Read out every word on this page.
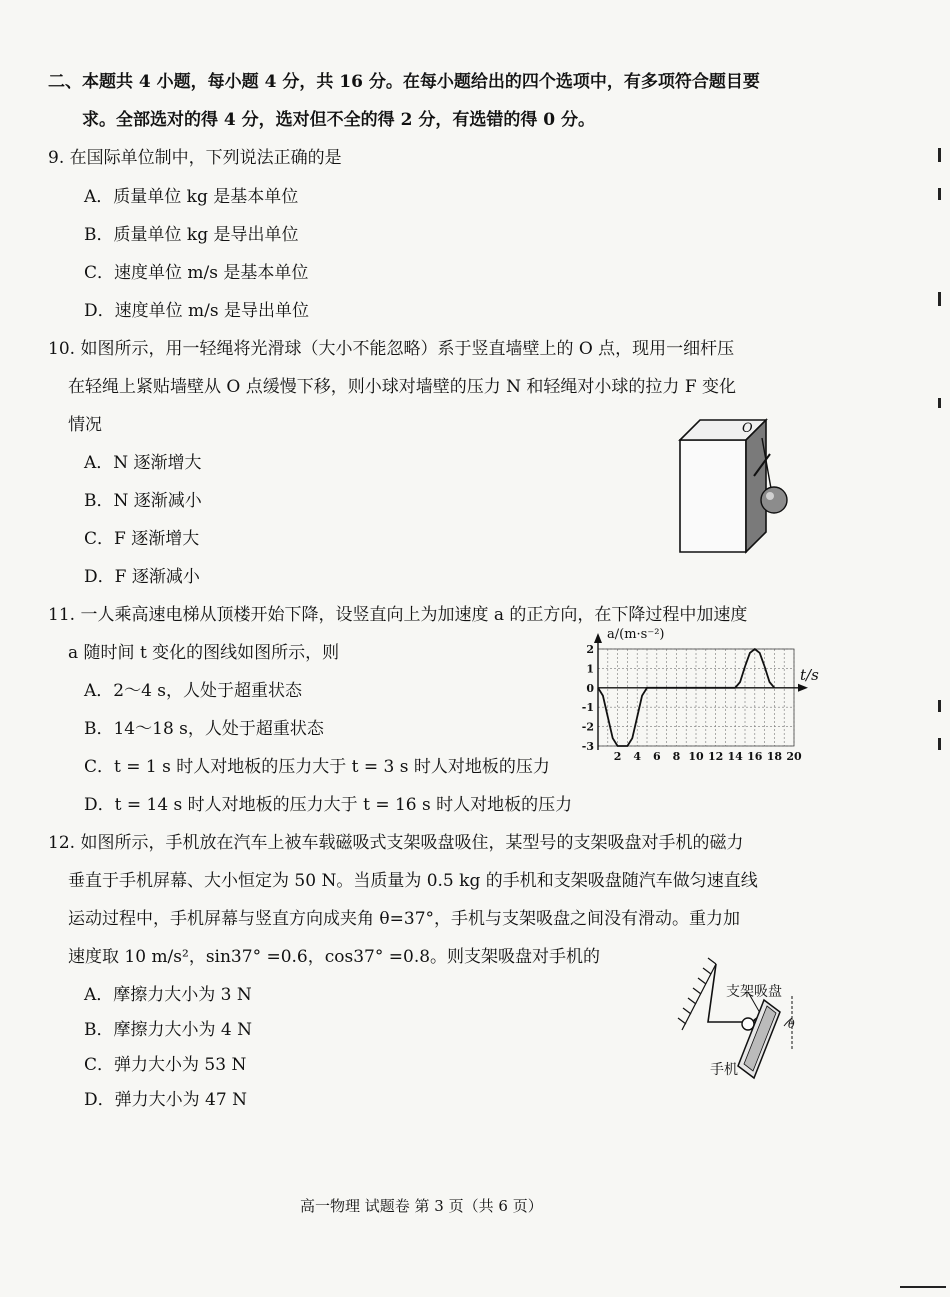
二、本题共 4 小题，每小题 4 分，共 16 分。在每小题给出的四个选项中，有多项符合题目要
求。全部选对的得 4 分，选对但不全的得 2 分，有选错的得 0 分。
9. 在国际单位制中，下列说法正确的是
A．质量单位 kg 是基本单位
B．质量单位 kg 是导出单位
C．速度单位 m/s 是基本单位
D．速度单位 m/s 是导出单位
10. 如图所示，用一轻绳将光滑球（大小不能忽略）系于竖直墙壁上的 O 点，现用一细杆压
在轻绳上紧贴墙壁从 O 点缓慢下移，则小球对墙壁的压力 N 和轻绳对小球的拉力 F 变化
情况
A．N 逐渐增大
B．N 逐渐减小
C．F 逐渐增大
D．F 逐渐减小
O
11. 一人乘高速电梯从顶楼开始下降，设竖直向上为加速度 a 的正方向，在下降过程中加速度
a 随时间 t 变化的图线如图所示，则
A．2～4 s，人处于超重状态
B．14～18 s，人处于超重状态
C．t = 1 s 时人对地板的压力大于 t = 3 s 时人对地板的压力
D．t = 14 s 时人对地板的压力大于 t = 16 s 时人对地板的压力
2 4 6 8 10 12 14 16 18 20
2
1
0
-1
-2
-3
a/(m·s⁻²)
t/s
12. 如图所示，手机放在汽车上被车载磁吸式支架吸盘吸住，某型号的支架吸盘对手机的磁力
垂直于手机屏幕、大小恒定为 50 N。当质量为 0.5 kg 的手机和支架吸盘随汽车做匀速直线
运动过程中，手机屏幕与竖直方向成夹角 θ=37°，手机与支架吸盘之间没有滑动。重力加
速度取 10 m/s²，sin37° =0.6，cos37° =0.8。则支架吸盘对手机的
A．摩擦力大小为 3 N
B．摩擦力大小为 4 N
C．弹力大小为 53 N
D．弹力大小为 47 N
支架吸盘
手机
θ
高一物理 试题卷 第 3 页（共 6 页）
